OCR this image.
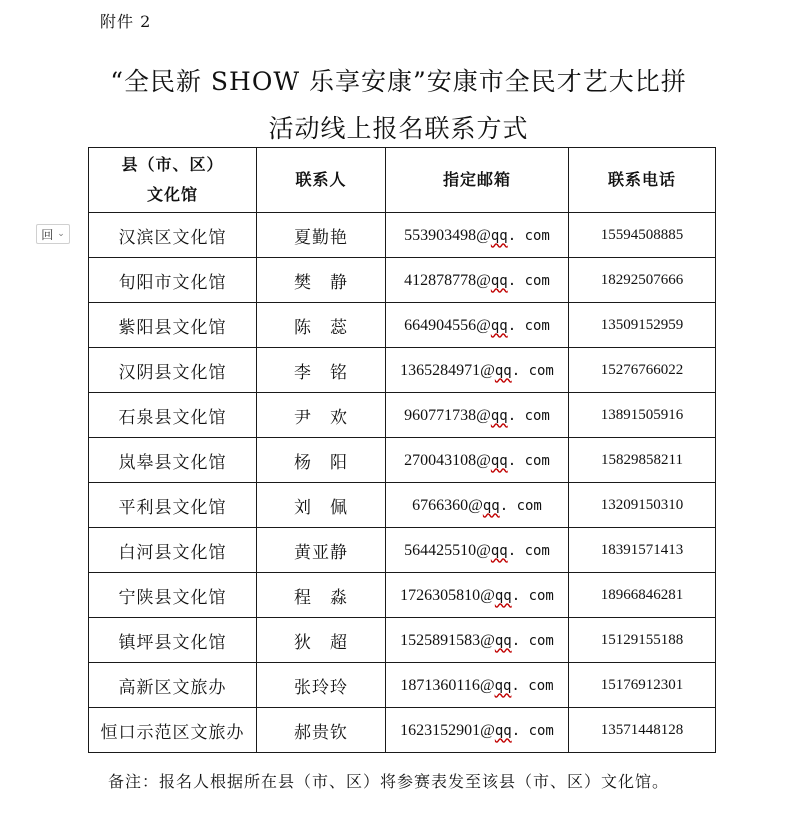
附件 2
“全民新 SHOW 乐享安康”安康市全民才艺大比拼
活动线上报名联系方式
回 ⌄
县（市、区）
文化馆	联系人	指定邮箱	联系电话
汉滨区文化馆	夏勤艳	553903498@qq. com	15594508885
旬阳市文化馆	樊　静	412878778@qq. com	18292507666
紫阳县文化馆	陈　蕊	664904556@qq. com	13509152959
汉阴县文化馆	李　铭	1365284971@qq. com	15276766022
石泉县文化馆	尹　欢	960771738@qq. com	13891505916
岚皋县文化馆	杨　阳	270043108@qq. com	15829858211
平利县文化馆	刘　佩	6766360@qq. com	13209150310
白河县文化馆	黄亚静	564425510@qq. com	18391571413
宁陕县文化馆	程　淼	1726305810@qq. com	18966846281
镇坪县文化馆	狄　超	1525891583@qq. com	15129155188
高新区文旅办	张玲玲	1871360116@qq. com	15176912301
恒口示范区文旅办	郝贵钦	1623152901@qq. com	13571448128
备注：报名人根据所在县（市、区）将参赛表发至该县（市、区）文化馆。
